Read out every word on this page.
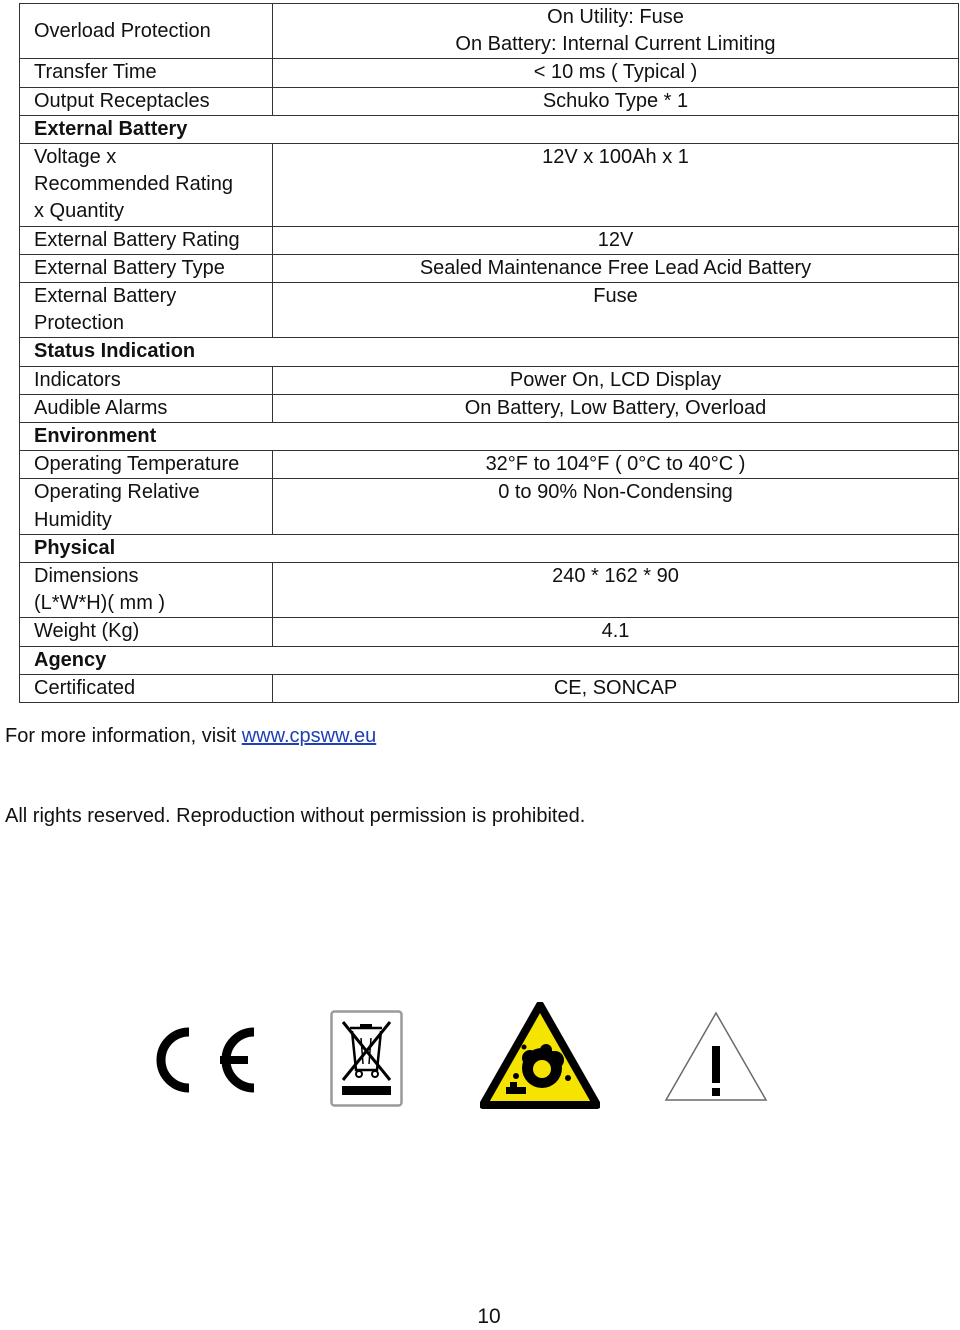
Overload Protection	On Utility: Fuse
On Battery: Internal Current Limiting

Transfer Time	< 10 ms ( Typical )
Output Receptacles	Schuko Type * 1
External Battery	

Voltage x
Recommended Rating
x Quantity	12V x 100Ah x 1
External Battery Rating	12V
External Battery Type	Sealed Maintenance Free Lead Acid Battery

External Battery
Protection	Fuse
Status Indication	
Indicators	Power On, LCD Display
Audible Alarms	On Battery, Low Battery, Overload
Environment	
Operating Temperature	32°F to 104°F ( 0°C to 40°C )

Operating Relative
Humidity	0 to 90% Non-Condensing
Physical	

Dimensions
(L*W*H)( mm )	240 * 162 * 90
Weight (Kg)	4.1
Agency	
Certificated	CE, SONCAP
For more information, visit www.cpsww.eu
All rights reserved. Reproduction without permission is prohibited.
10
